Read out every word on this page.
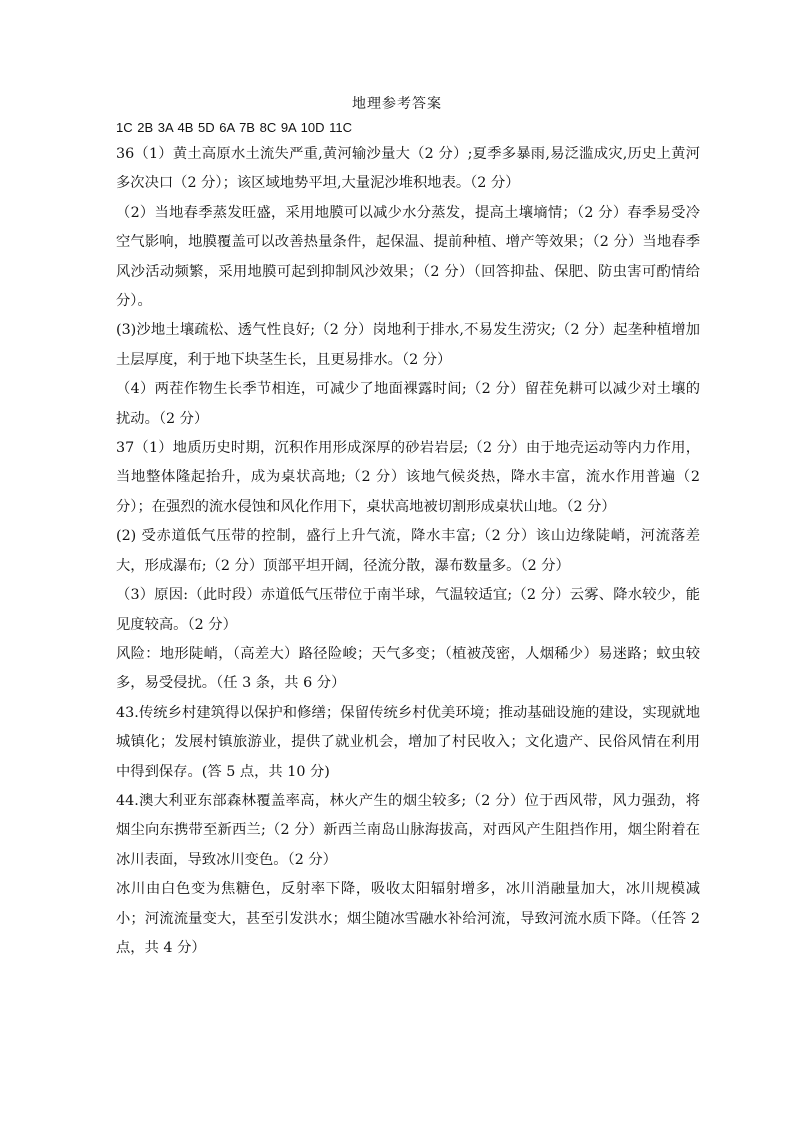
地理参考答案
1C 2B 3A 4B 5D 6A 7B 8C 9A 10D 11C

36（1）黄土高原水土流失严重,黄河输沙量大（2 分）;夏季多暴雨,易泛滥成灾,历史上黄河多次决口（2 分）；该区域地势平坦,大量泥沙堆积地表。（2 分）

（2）当地春季蒸发旺盛，采用地膜可以减少水分蒸发，提高土壤墒情；（2 分）春季易受冷空气影响，地膜覆盖可以改善热量条件，起保温、提前种植、增产等效果；（2 分）当地春季风沙活动频繁，采用地膜可起到抑制风沙效果；（2 分）（回答抑盐、保肥、防虫害可酌情给分）。

(3)沙地土壤疏松、透气性良好;（2 分）岗地利于排水,不易发生涝灾;（2 分）起垄种植增加土层厚度，利于地下块茎生长，且更易排水。（2 分）

（4）两茬作物生长季节相连，可减少了地面裸露时间;（2 分）留茬免耕可以减少对土壤的扰动。（2 分）

37（1）地质历史时期，沉积作用形成深厚的砂岩岩层;（2 分）由于地壳运动等内力作用，当地整体隆起抬升，成为桌状高地;（2 分）该地气候炎热，降水丰富，流水作用普遍（2 分）；在强烈的流水侵蚀和风化作用下，桌状高地被切割形成桌状山地。（2 分）

(2) 受赤道低气压带的控制，盛行上升气流，降水丰富;（2 分）该山边缘陡峭，河流落差大，形成瀑布;（2 分）顶部平坦开阔，径流分散，瀑布数量多。（2 分）

（3）原因:（此时段）赤道低气压带位于南半球，气温较适宜;（2 分）云雾、降水较少，能见度较高。（2 分）

风险：地形陡峭，（高差大）路径险峻；天气多变；（植被茂密，人烟稀少）易迷路；蚊虫较多，易受侵扰。（任 3 条，共 6 分）

43.传统乡村建筑得以保护和修缮；保留传统乡村优美环境；推动基础设施的建设，实现就地城镇化；发展村镇旅游业，提供了就业机会，增加了村民收入；文化遗产、民俗风情在利用中得到保存。(答 5 点，共 10 分)

44.澳大利亚东部森林覆盖率高，林火产生的烟尘较多;（2 分）位于西风带，风力强劲，将烟尘向东携带至新西兰;（2 分）新西兰南岛山脉海拔高，对西风产生阻挡作用，烟尘附着在冰川表面，导致冰川变色。（2 分）

冰川由白色变为焦糖色，反射率下降，吸收太阳辐射增多，冰川消融量加大，冰川规模减小；河流流量变大，甚至引发洪水；烟尘随冰雪融水补给河流，导致河流水质下降。（任答 2 点，共 4 分）
